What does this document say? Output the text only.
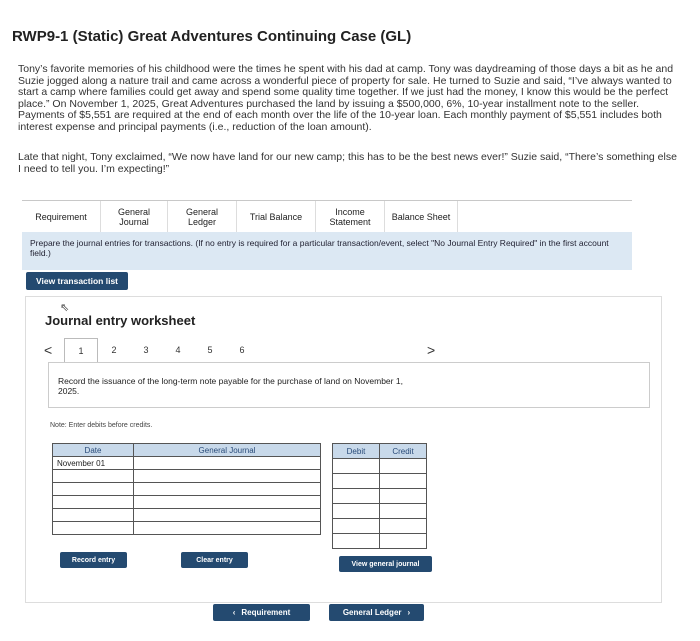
RWP9-1 (Static) Great Adventures Continuing Case (GL)
Tony’s favorite memories of his childhood were the times he spent with his dad at camp. Tony was daydreaming of those days a bit as he and Suzie jogged along a nature trail and came across a wonderful piece of property for sale. He turned to Suzie and said, “I’ve always wanted to start a camp where families could get away and spend some quality time together. If we just had the money, I know this would be the perfect place.” On November 1, 2025, Great Adventures purchased the land by issuing a $500,000, 6%, 10-year installment note to the seller. Payments of $5,551 are required at the end of each month over the life of the 10-year loan. Each monthly payment of $5,551 includes both interest expense and principal payments (i.e., reduction of the loan amount).
Late that night, Tony exclaimed, “We now have land for our new camp; this has to be the best news ever!” Suzie said, “There’s something else I need to tell you. I’m expecting!”
Requirement	General Journal
General Ledger	Trial Balance	Income Statement	Balance Sheet
Prepare the journal entries for transactions. (If no entry is required for a particular transaction/event, select "No Journal Entry Required" in the first account field.)
View transaction list
⇖
Journal entry worksheet
<	1	2	3	4	5	6	>
Record the issuance of the long-term note payable for the purchase of land on November 1, 2025.
Note: Enter debits before credits.
Date	General Journal
November 01	

Debit	Credit

Record entry	Clear entry
View general journal
‹ Requirement	General Ledger ›
